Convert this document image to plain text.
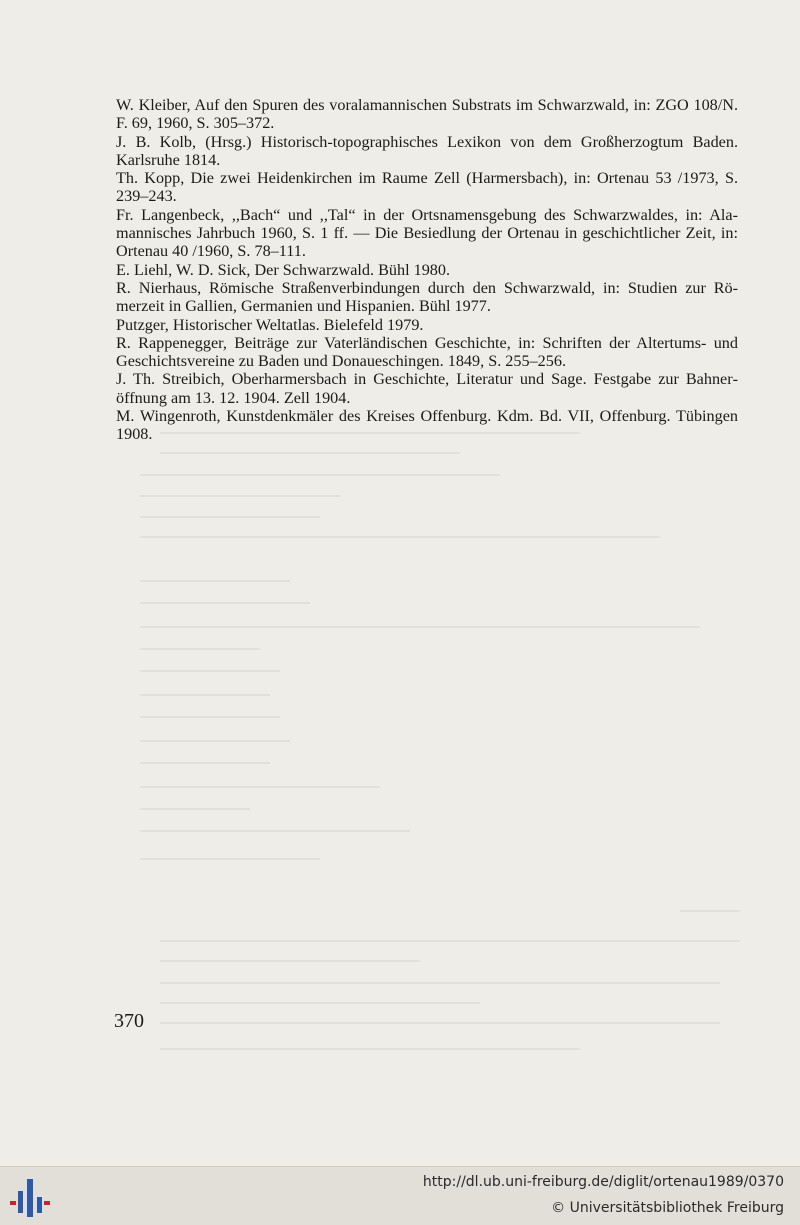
W. Kleiber, Auf den Spuren des voralamannischen Substrats im Schwarzwald, in: ZGO 108/N. F. 69, 1960, S. 305–372.
J. B. Kolb, (Hrsg.) Historisch-topographisches Lexikon von dem Großherzogtum Baden. Karlsruhe 1814.
Th. Kopp, Die zwei Heidenkirchen im Raume Zell (Harmersbach), in: Ortenau 53 /1973, S. 239–243.
Fr. Langenbeck, ,,Bach“ und ,,Tal“ in der Ortsnamensgebung des Schwarzwaldes, in: Alamannisches Jahrbuch 1960, S. 1 ff. — Die Besiedlung der Ortenau in geschichtlicher Zeit, in: Ortenau 40 /1960, S. 78–111.
E. Liehl, W. D. Sick, Der Schwarzwald. Bühl 1980.
R. Nierhaus, Römische Straßenverbindungen durch den Schwarzwald, in: Studien zur Römerzeit in Gallien, Germanien und Hispanien. Bühl 1977.
Putzger, Historischer Weltatlas. Bielefeld 1979.
R. Rappenegger, Beiträge zur Vaterländischen Geschichte, in: Schriften der Altertums- und Geschichtsvereine zu Baden und Donaueschingen. 1849, S. 255–256.
J. Th. Streibich, Oberharmersbach in Geschichte, Literatur und Sage. Festgabe zur Bahneröffnung am 13. 12. 1904. Zell 1904.
M. Wingenroth, Kunstdenkmäler des Kreises Offenburg. Kdm. Bd. VII, Offenburg. Tübingen 1908.
370
http://dl.ub.uni-freiburg.de/diglit/ortenau1989/0370
© Universitätsbibliothek Freiburg
